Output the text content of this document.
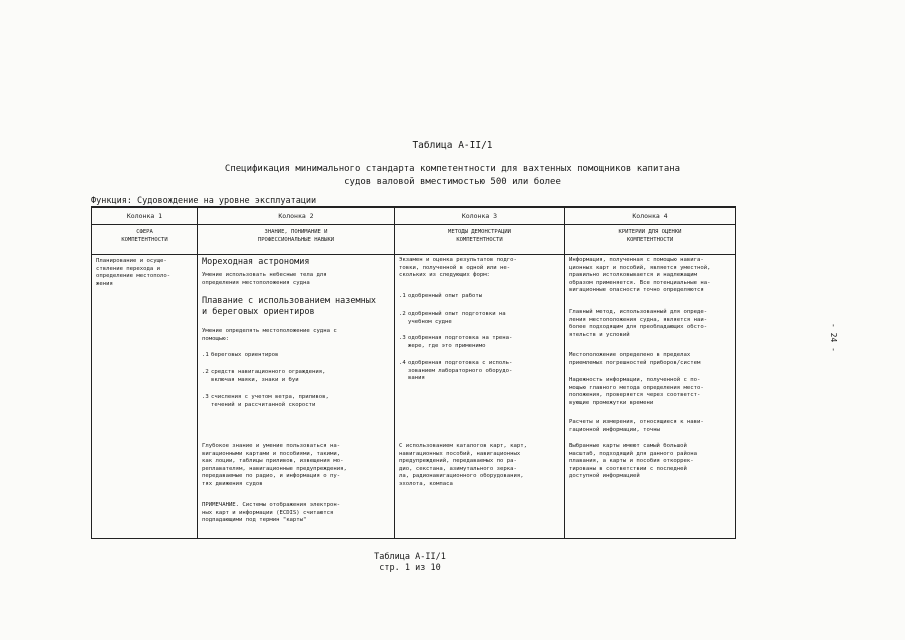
Таблица A-II/1
Спецификация минимального стандарта компетентности для вахтенных помощников капитана
судов валовой вместимостью 500 или более
Функция: Судовождение на уровне эксплуатации
Колонка 1
СФЕРА
КОМПЕТЕНТНОСТИ
Планирование и осуще-
ствление перехода и
определение местополо-
жения
Колонка 2
ЗНАНИЕ, ПОНИМАНИЕ И
ПРОФЕССИОНАЛЬНЫЕ НАВЫКИ
Мореходная астрономия
Умение использовать небесные тела для
определения местоположения судна
Плавание с использованием наземных
и береговых ориентиров
Умение определять местоположение судна с
помощью:
.1 береговых ориентиров
.2 средств навигационного ограждения,
включая маяки, знаки и буи
.3 счисления с учетом ветра, приливов,
течений и рассчитанной скорости
Глубокое знание и умение пользоваться на-
вигационными картами и пособиями, такими,
как лоции, таблицы приливов, извещения мо-
реплавателям, навигационные предупреждения,
передаваемые по радио, и информация о пу-
тях движения судов
ПРИМЕЧАНИЕ. Системы отображения электрон-
ных карт и информации (ECDIS) считаются
подпадающими под термин "карты"
Колонка 3
МЕТОДЫ ДЕМОНСТРАЦИИ
КОМПЕТЕНТНОСТИ
Экзамен и оценка результатов подго-
товки, полученной в одной или не-
скольких из следующих форм:
.1 одобренный опыт работы
.2 одобренный опыт подготовки на
учебном судне
.3 одобренная подготовка на трена-
жере, где это применимо
.4 одобренная подготовка с исполь-
зованием лабораторного оборудо-
вания
С использованием каталогов карт, карт,
навигационных пособий, навигационных
предупреждений, передаваемых по ра-
дио, секстана, азимутального зерка-
ла, радионавигационного оборудования,
эхолота, компаса
Колонка 4
КРИТЕРИИ ДЛЯ ОЦЕНКИ
КОМПЕТЕНТНОСТИ
Информация, полученная с помощью навига-
ционных карт и пособий, является уместной,
правильно истолковывается и надлежащим
образом применяется. Все потенциальные на-
вигационные опасности точно определяются
Главный метод, использованный для опреде-
ления местоположения судна, является наи-
более подходящим для преобладающих обсто-
ятельств и условий
Местоположение определено в пределах
приемлемых погрешностей приборов/систем
Надежность информации, полученной с по-
мощью главного метода определения место-
положения, проверяется через соответст-
вующие промежутки времени
Расчеты и измерения, относящиеся к нави-
гационной информации, точны
Выбранные карты имеют самый большой
масштаб, подходящий для данного района
плавания, а карты и пособия откоррек-
тированы в соответствии с последней
доступной информацией
- 24 -
Таблица A-II/1
стр. 1 из 10
